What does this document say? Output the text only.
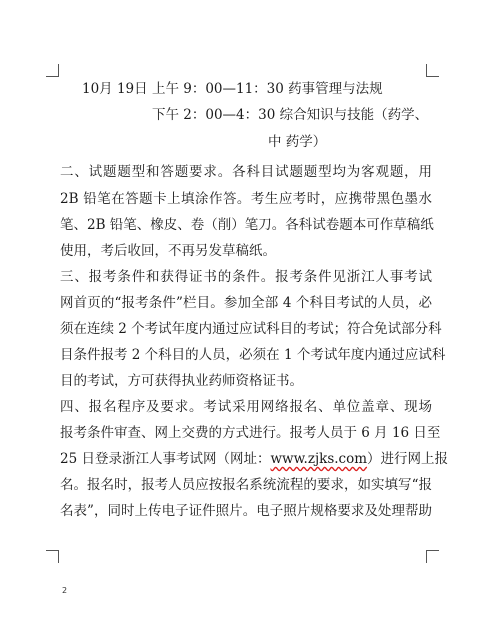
10月 19日 上午 9：00—11：30 药事管理与法规
下午 2：00—4：30 综合知识与技能（药学、
中 药学）
二、试题题型和答题要求。各科目试题题型均为客观题，用
2B 铅笔在答题卡上填涂作答。考生应考时，应携带黑色墨水
笔、2B 铅笔、橡皮、卷（削）笔刀。各科试卷题本可作草稿纸
使用，考后收回，不再另发草稿纸。
三、报考条件和获得证书的条件。报考条件见浙江人事考试
网首页的“报考条件”栏目。参加全部 4 个科目考试的人员，必
须在连续 2 个考试年度内通过应试科目的考试；符合免试部分科
目条件报考 2 个科目的人员，必须在 1 个考试年度内通过应试科
目的考试，方可获得执业药师资格证书。
四、报名程序及要求。考试采用网络报名、单位盖章、现场
报考条件审查、网上交费的方式进行。报考人员于 6 月 16 日至
25 日登录浙江人事考试网（网址：www.zjks.com）进行网上报
名。报名时，报考人员应按报名系统流程的要求，如实填写“报
名表”，同时上传电子证件照片。电子照片规格要求及处理帮助
2
